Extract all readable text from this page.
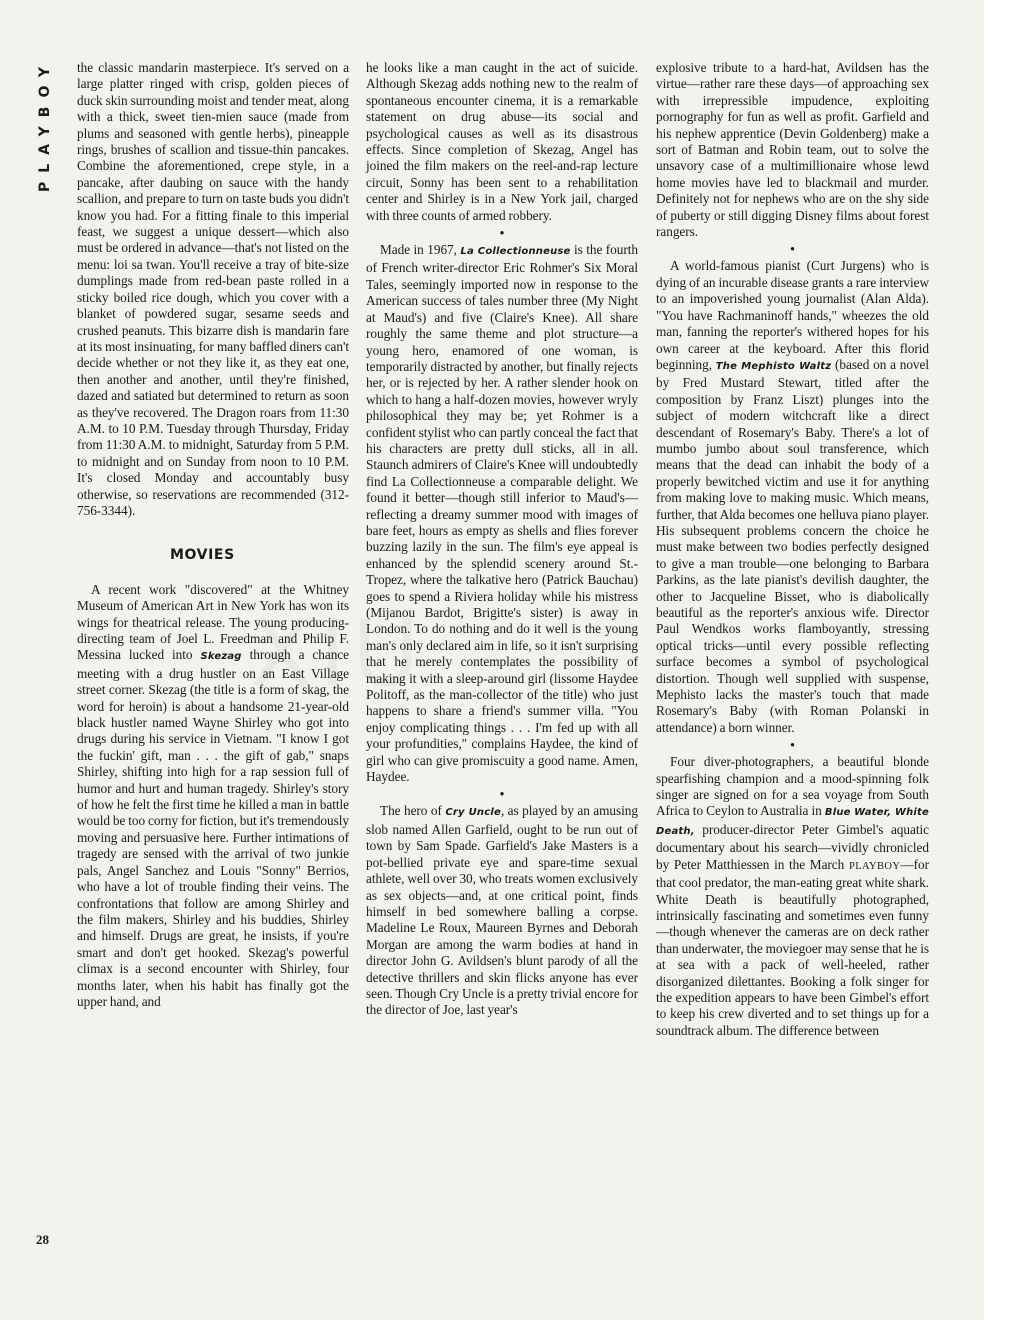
PLAYBOY the classic mandarin masterpiece. It's served on a large platter ringed with crisp, golden pieces of duck skin surrounding moist and tender meat, along with a thick, sweet tien-mien sauce (made from plums and seasoned with gentle herbs), pineapple rings, brushes of scallion and tissue-thin pancakes. Combine the aforementioned, crepe style, in a pancake, after daubing on sauce with the handy scallion, and prepare to turn on taste buds you didn't know you had. For a fitting finale to this imperial feast, we suggest a unique dessert—which also must be ordered in advance—that's not listed on the menu: loi sa twan. You'll receive a tray of bite-size dumplings made from red-bean paste rolled in a sticky boiled rice dough, which you cover with a blanket of powdered sugar, sesame seeds and crushed peanuts. This bizarre dish is mandarin fare at its most insinuating, for many baffled diners can't decide whether or not they like it, as they eat one, then another and another, until they're finished, dazed and satiated but determined to return as soon as they've recovered. The Dragon roars from 11:30 A.M. to 10 P.M. Tuesday through Thursday, Friday from 11:30 A.M. to midnight, Saturday from 5 P.M. to midnight and on Sunday from noon to 10 P.M. It's closed Monday and accountably busy otherwise, so reservations are recommended (312-756-3344).

MOVIES

A recent work "discovered" at the Whitney Museum of American Art in New York has won its wings for theatrical release. The young producing-directing team of Joel L. Freedman and Philip F. Messina lucked into Skezag through a chance meeting with a drug hustler on an East Village street corner. Skezag (the title is a form of skag, the word for heroin) is about a handsome 21-year-old black hustler named Wayne Shirley who got into drugs during his service in Vietnam. "I know I got the fuckin' gift, man . . . the gift of gab," snaps Shirley, shifting into high for a rap session full of humor and hurt and human tragedy. Shirley's story of how he felt the first time he killed a man in battle would be too corny for fiction, but it's tremendously moving and persuasive here. Further intimations of tragedy are sensed with the arrival of two junkie pals, Angel Sanchez and Louis "Sonny" Berrios, who have a lot of trouble finding their veins. The confrontations that follow are among Shirley and the film makers, Shirley and his buddies, Shirley and himself. Drugs are great, he insists, if you're smart and don't get hooked. Skezag's powerful climax is a second encounter with Shirley, four months later, when his habit has finally got the upper hand, and

he looks like a man caught in the act of suicide. Although Skezag adds nothing new to the realm of spontaneous encounter cinema, it is a remarkable statement on drug abuse—its social and psychological causes as well as its disastrous effects. Since completion of Skezag, Angel has joined the film makers on the reel-and-rap lecture circuit, Sonny has been sent to a rehabilitation center and Shirley is in a New York jail, charged with three counts of armed robbery.

●

Made in 1967, La Collectionneuse is the fourth of French writer-director Eric Rohmer's Six Moral Tales, seemingly imported now in response to the American success of tales number three (My Night at Maud's) and five (Claire's Knee). All share roughly the same theme and plot structure—a young hero, enamored of one woman, is temporarily distracted by another, but finally rejects her, or is rejected by her. A rather slender hook on which to hang a half-dozen movies, however wryly philosophical they may be; yet Rohmer is a confident stylist who can partly conceal the fact that his characters are pretty dull sticks, all in all. Staunch admirers of Claire's Knee will undoubtedly find La Collectionneuse a comparable delight. We found it better—though still inferior to Maud's—reflecting a dreamy summer mood with images of bare feet, hours as empty as shells and flies forever buzzing lazily in the sun. The film's eye appeal is enhanced by the splendid scenery around St.-Tropez, where the talkative hero (Patrick Bauchau) goes to spend a Riviera holiday while his mistress (Mijanou Bardot, Brigitte's sister) is away in London. To do nothing and do it well is the young man's only declared aim in life, so it isn't surprising that he merely contemplates the possibility of making it with a sleep-around girl (lissome Haydee Politoff, as the man-collector of the title) who just happens to share a friend's summer villa. "You enjoy complicating things . . . I'm fed up with all your profundities," complains Haydee, the kind of girl who can give promiscuity a good name. Amen, Haydee.

●

The hero of Cry Uncle, as played by an amusing slob named Allen Garfield, ought to be run out of town by Sam Spade. Garfield's Jake Masters is a pot-bellied private eye and spare-time sexual athlete, well over 30, who treats women exclusively as sex objects—and, at one critical point, finds himself in bed somewhere balling a corpse. Madeline Le Roux, Maureen Byrnes and Deborah Morgan are among the warm bodies at hand in director John G. Avildsen's blunt parody of all the detective thrillers and skin flicks anyone has ever seen. Though Cry Uncle is a pretty trivial encore for the director of Joe, last year's

explosive tribute to a hard-hat, Avildsen has the virtue—rather rare these days—of approaching sex with irrepressible impudence, exploiting pornography for fun as well as profit. Garfield and his nephew apprentice (Devin Goldenberg) make a sort of Batman and Robin team, out to solve the unsavory case of a multimillionaire whose lewd home movies have led to blackmail and murder. Definitely not for nephews who are on the shy side of puberty or still digging Disney films about forest rangers.

●

A world-famous pianist (Curt Jurgens) who is dying of an incurable disease grants a rare interview to an impoverished young journalist (Alan Alda). "You have Rachmaninoff hands," wheezes the old man, fanning the reporter's withered hopes for his own career at the keyboard. After this florid beginning, The Mephisto Waltz (based on a novel by Fred Mustard Stewart, titled after the composition by Franz Liszt) plunges into the subject of modern witchcraft like a direct descendant of Rosemary's Baby. There's a lot of mumbo jumbo about soul transference, which means that the dead can inhabit the body of a properly bewitched victim and use it for anything from making love to making music. Which means, further, that Alda becomes one helluva piano player. His subsequent problems concern the choice he must make between two bodies perfectly designed to give a man trouble—one belonging to Barbara Parkins, as the late pianist's devilish daughter, the other to Jacqueline Bisset, who is diabolically beautiful as the reporter's anxious wife. Director Paul Wendkos works flamboyantly, stressing optical tricks—until every possible reflecting surface becomes a symbol of psychological distortion. Though well supplied with suspense, Mephisto lacks the master's touch that made Rosemary's Baby (with Roman Polanski in attendance) a born winner.

●

Four diver-photographers, a beautiful blonde spearfishing champion and a mood-spinning folk singer are signed on for a sea voyage from South Africa to Ceylon to Australia in Blue Water, White Death, producer-director Peter Gimbel's aquatic documentary about his search—vividly chronicled by Peter Matthiessen in the March PLAYBOY—for that cool predator, the man-eating great white shark. White Death is beautifully photographed, intrinsically fascinating and sometimes even funny—though whenever the cameras are on deck rather than underwater, the moviegoer may sense that he is at sea with a pack of well-heeled, rather disorganized dilettantes. Booking a folk singer for the expedition appears to have been Gimbel's effort to keep his crew diverted and to set things up for a soundtrack album. The difference between

28
